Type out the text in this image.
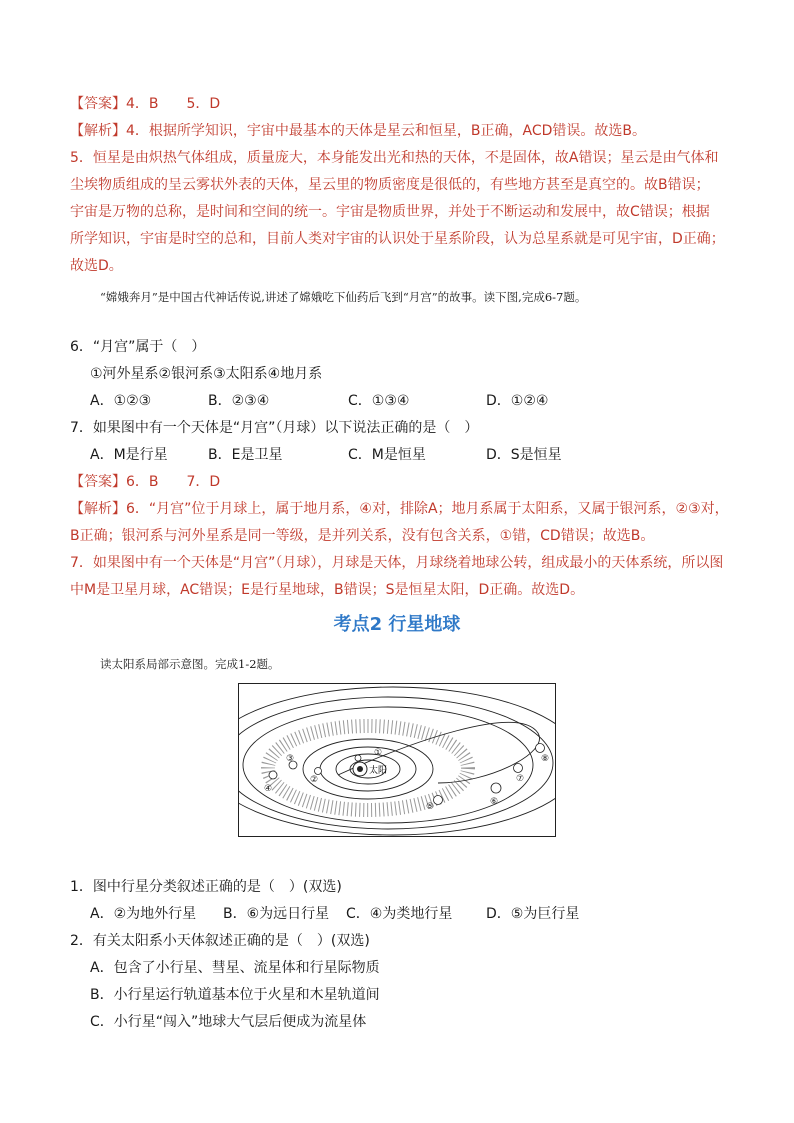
【答案】4．B　　5．D
【解析】4．根据所学知识，宇宙中最基本的天体是星云和恒星，B正确，ACD错误。故选B。
5．恒星是由炽热气体组成，质量庞大，本身能发出光和热的天体，不是固体，故A错误；星云是由气体和
尘埃物质组成的呈云雾状外表的天体，星云里的物质密度是很低的，有些地方甚至是真空的。故B错误；
宇宙是万物的总称，是时间和空间的统一。宇宙是物质世界，并处于不断运动和发展中，故C错误；根据
所学知识，宇宙是时空的总和，目前人类对宇宙的认识处于星系阶段，认为总星系就是可见宇宙，D正确；
故选D。
“嫦娥奔月”是中国古代神话传说,讲述了嫦娥吃下仙药后飞到“月宫”的故事。读下图,完成6-7题。
6．“月宫”属于（　）
①河外星系②银河系③太阳系④地月系
A．①②③	B．②③④	C．①③④	D．①②④
7．如果图中有一个天体是“月宫”（月球）以下说法正确的是（　）
A．M是行星	B．E是卫星	C．M是恒星	D．S是恒星
【答案】6．B　　7．D
【解析】6．“月宫”位于月球上，属于地月系，④对，排除A；地月系属于太阳系，又属于银河系，②③对，
B正确；银河系与河外星系是同一等级，是并列关系，没有包含关系，①错，CD错误；故选B。
7．如果图中有一个天体是“月宫”（月球），月球是天体，月球绕着地球公转，组成最小的天体系统，所以图
中M是卫星月球，AC错误；E是行星地球，B错误；S是恒星太阳，D正确。故选D。
考点2 行星地球
读太阳系局部示意图。完成1-2题。
太阳
①
②
③
④
⑤	⑥
⑦
⑧
1．图中行星分类叙述正确的是（　）(双选)
A．②为地外行星 B．⑥为远日行星 C．④为类地行星 D．⑤为巨行星
2．有关太阳系小天体叙述正确的是（　）(双选)
A．包含了小行星、彗星、流星体和行星际物质
B．小行星运行轨道基本位于火星和木星轨道间
C．小行星“闯入”地球大气层后便成为流星体
